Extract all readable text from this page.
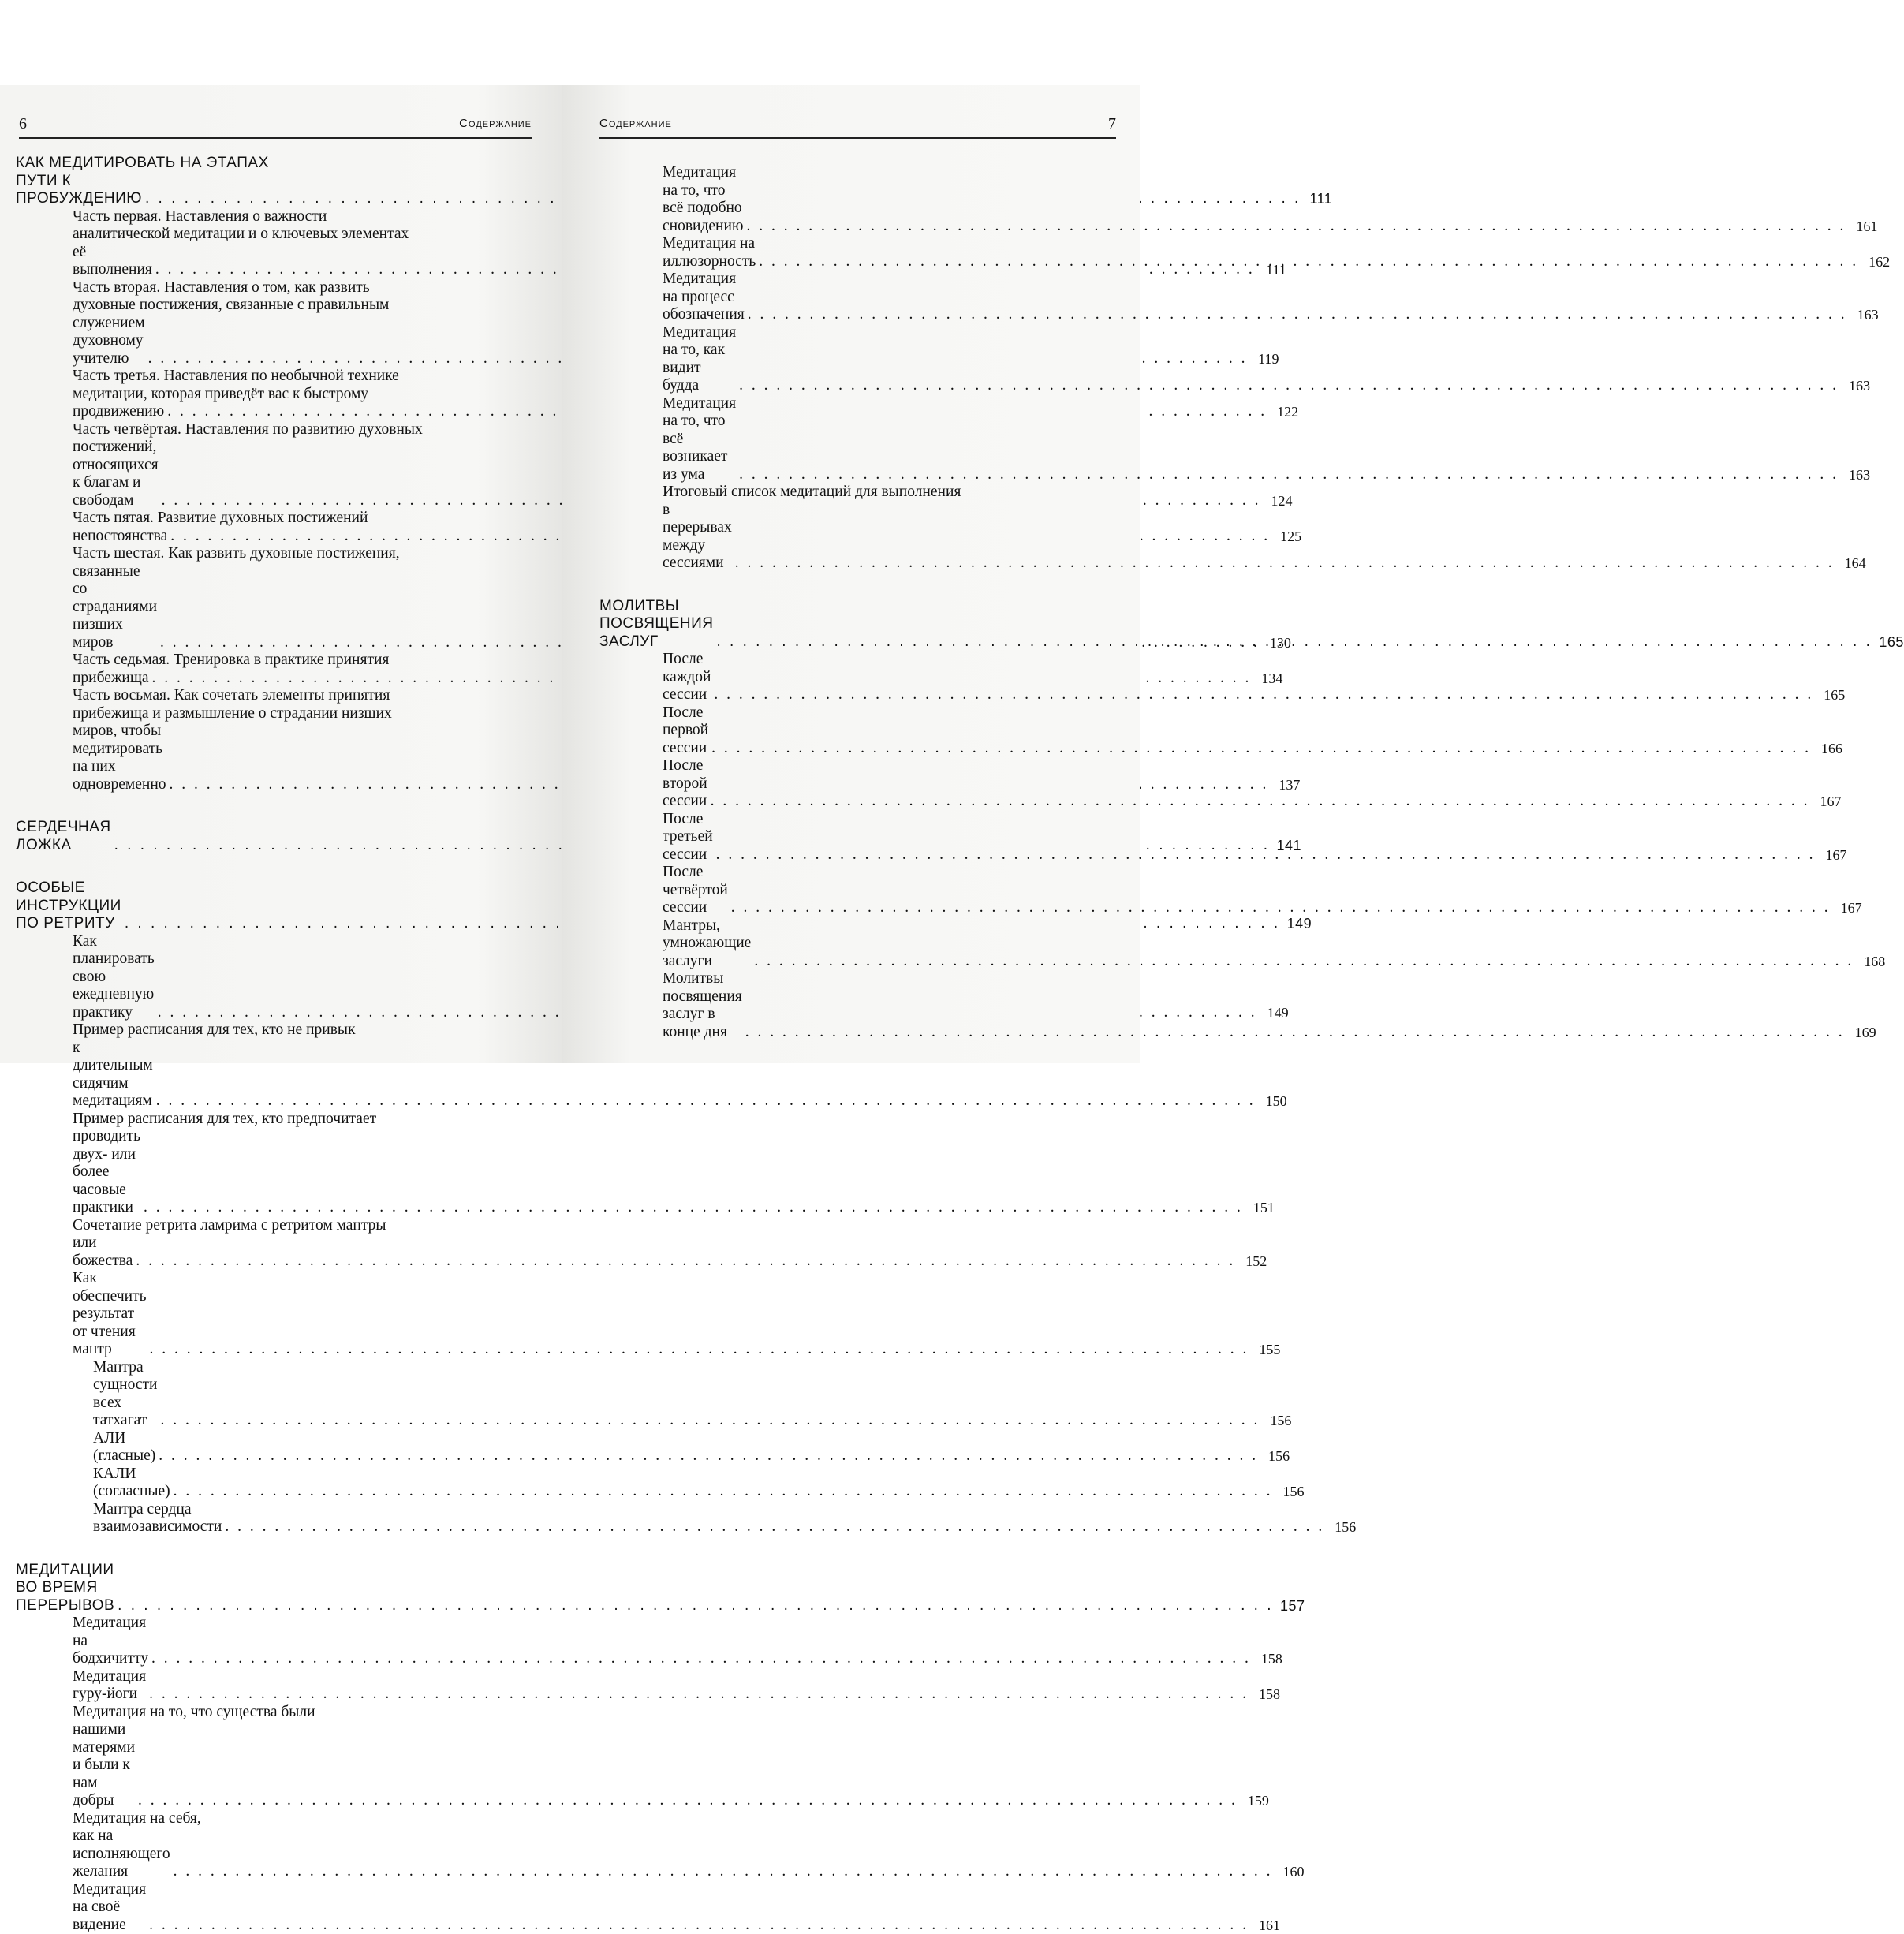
6	Содержание
КАК МЕДИТИРОВАТЬ НА ЭТАПАХ
ПУТИ К ПРОБУЖДЕНИЮ . . .	111
Часть первая. Наставления о важности
аналитической медитации и о ключевых элементах
её выполнения . . .	111
Часть вторая. Наставления о том, как развить
духовные постижения, связанные с правильным
служением духовному учителю . . .	119
Часть третья. Наставления по необычной технике
медитации, которая приведёт вас к быстрому
продвижению . . .	122
Часть четвёртая. Наставления по развитию духовных
постижений, относящихся к благам и свободам . . .	124
Часть пятая. Развитие духовных постижений
непостоянства . . .	125
Часть шестая. Как развить духовные постижения,
связанные со страданиями низших миров . . .	130
Часть седьмая. Тренировка в практике принятия
прибежища . . .	134
Часть восьмая. Как сочетать элементы принятия
прибежища и размышление о страдании низших
миров, чтобы медитировать на них одновременно . . .	137
СЕРДЕЧНАЯ ЛОЖКА . . .	141
ОСОБЫЕ ИНСТРУКЦИИ ПО РЕТРИТУ . . .	149
Как планировать свою ежедневную практику . . .	149
Пример расписания для тех, кто не привык
к длительным сидячим медитациям . . .	150
Пример расписания для тех, кто предпочитает
проводить двух- или более часовые практики . . .	151
Сочетание ретрита ламрима с ретритом мантры
или божества . . .	152
Как обеспечить результат от чтения мантр . . .	155
Мантра сущности всех татхагат . . .	156
АЛИ (гласные) . . .	156
КАЛИ (согласные) . . .	156
Мантра сердца взаимозависимости . . .	156
МЕДИТАЦИИ ВО ВРЕМЯ ПЕРЕРЫВОВ . . .	157
Медитация на бодхичитту . . .	158
Медитация гуру-йоги . . .	158
Медитация на то, что существа были
нашими матерями и были к нам добры . . .	159
Медитация на себя,
как на исполняющего желания . . .	160
Медитация на своё видение . . .	161
Содержание	7
Медитация на то, что всё подобно сновидению . . .	161
Медитация на иллюзорность . . .	162
Медитация на процесс обозначения . . .	163
Медитация на то, как видит будда . . .	163
Медитация на то, что всё возникает из ума . . .	163
Итоговый список медитаций для выполнения
в перерывах между сессиями . . .	164
МОЛИТВЫ ПОСВЯЩЕНИЯ ЗАСЛУГ . . .	165
После каждой сессии . . .	165
После первой сессии . . .	166
После второй сессии . . .	167
После третьей сессии . . .	167
После четвёртой сессии . . .	167
Мантры, умножающие заслуги . . .	168
Молитвы посвящения заслуг в конце дня . . .	169
